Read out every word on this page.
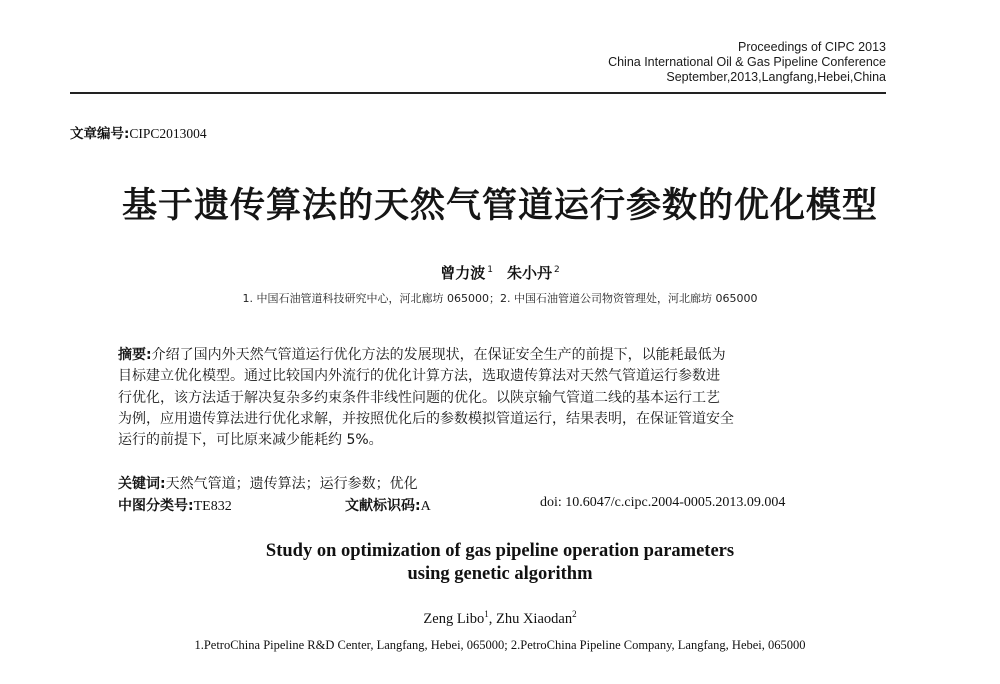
Proceedings of CIPC 2013
China International Oil & Gas Pipeline Conference
September,2013,Langfang,Hebei,China
文章编号:CIPC2013004
基于遗传算法的天然气管道运行参数的优化模型
曾力波 $^1$ 朱小丹 $^2$
1. 中国石油管道科技研究中心，河北廊坊 065000；2. 中国石油管道公司物资管理处，河北廊坊 065000
摘要:介绍了国内外天然气管道运行优化方法的发展现状，在保证安全生产的前提下，以能耗最低为
目标建立优化模型。通过比较国内外流行的优化计算方法，选取遗传算法对天然气管道运行参数进
行优化，该方法适于解决复杂多约束条件非线性问题的优化。以陕京输气管道二线的基本运行工艺
为例，应用遗传算法进行优化求解，并按照优化后的参数模拟管道运行，结果表明，在保证管道安全
运行的前提下，可比原来减少能耗约 5%。
关键词:天然气管道；遗传算法；运行参数；优化
中图分类号:TE832	文献标识码:A	doi: 10.6047/c.cipc.2004-0005.2013.09.004
Study on optimization of gas pipeline operation parameters
using genetic algorithm
Zeng Libo$^1$, Zhu Xiaodan$^2$
1.PetroChina Pipeline R&D Center, Langfang, Hebei, 065000; 2.PetroChina Pipeline Company, Langfang, Hebei, 065000
